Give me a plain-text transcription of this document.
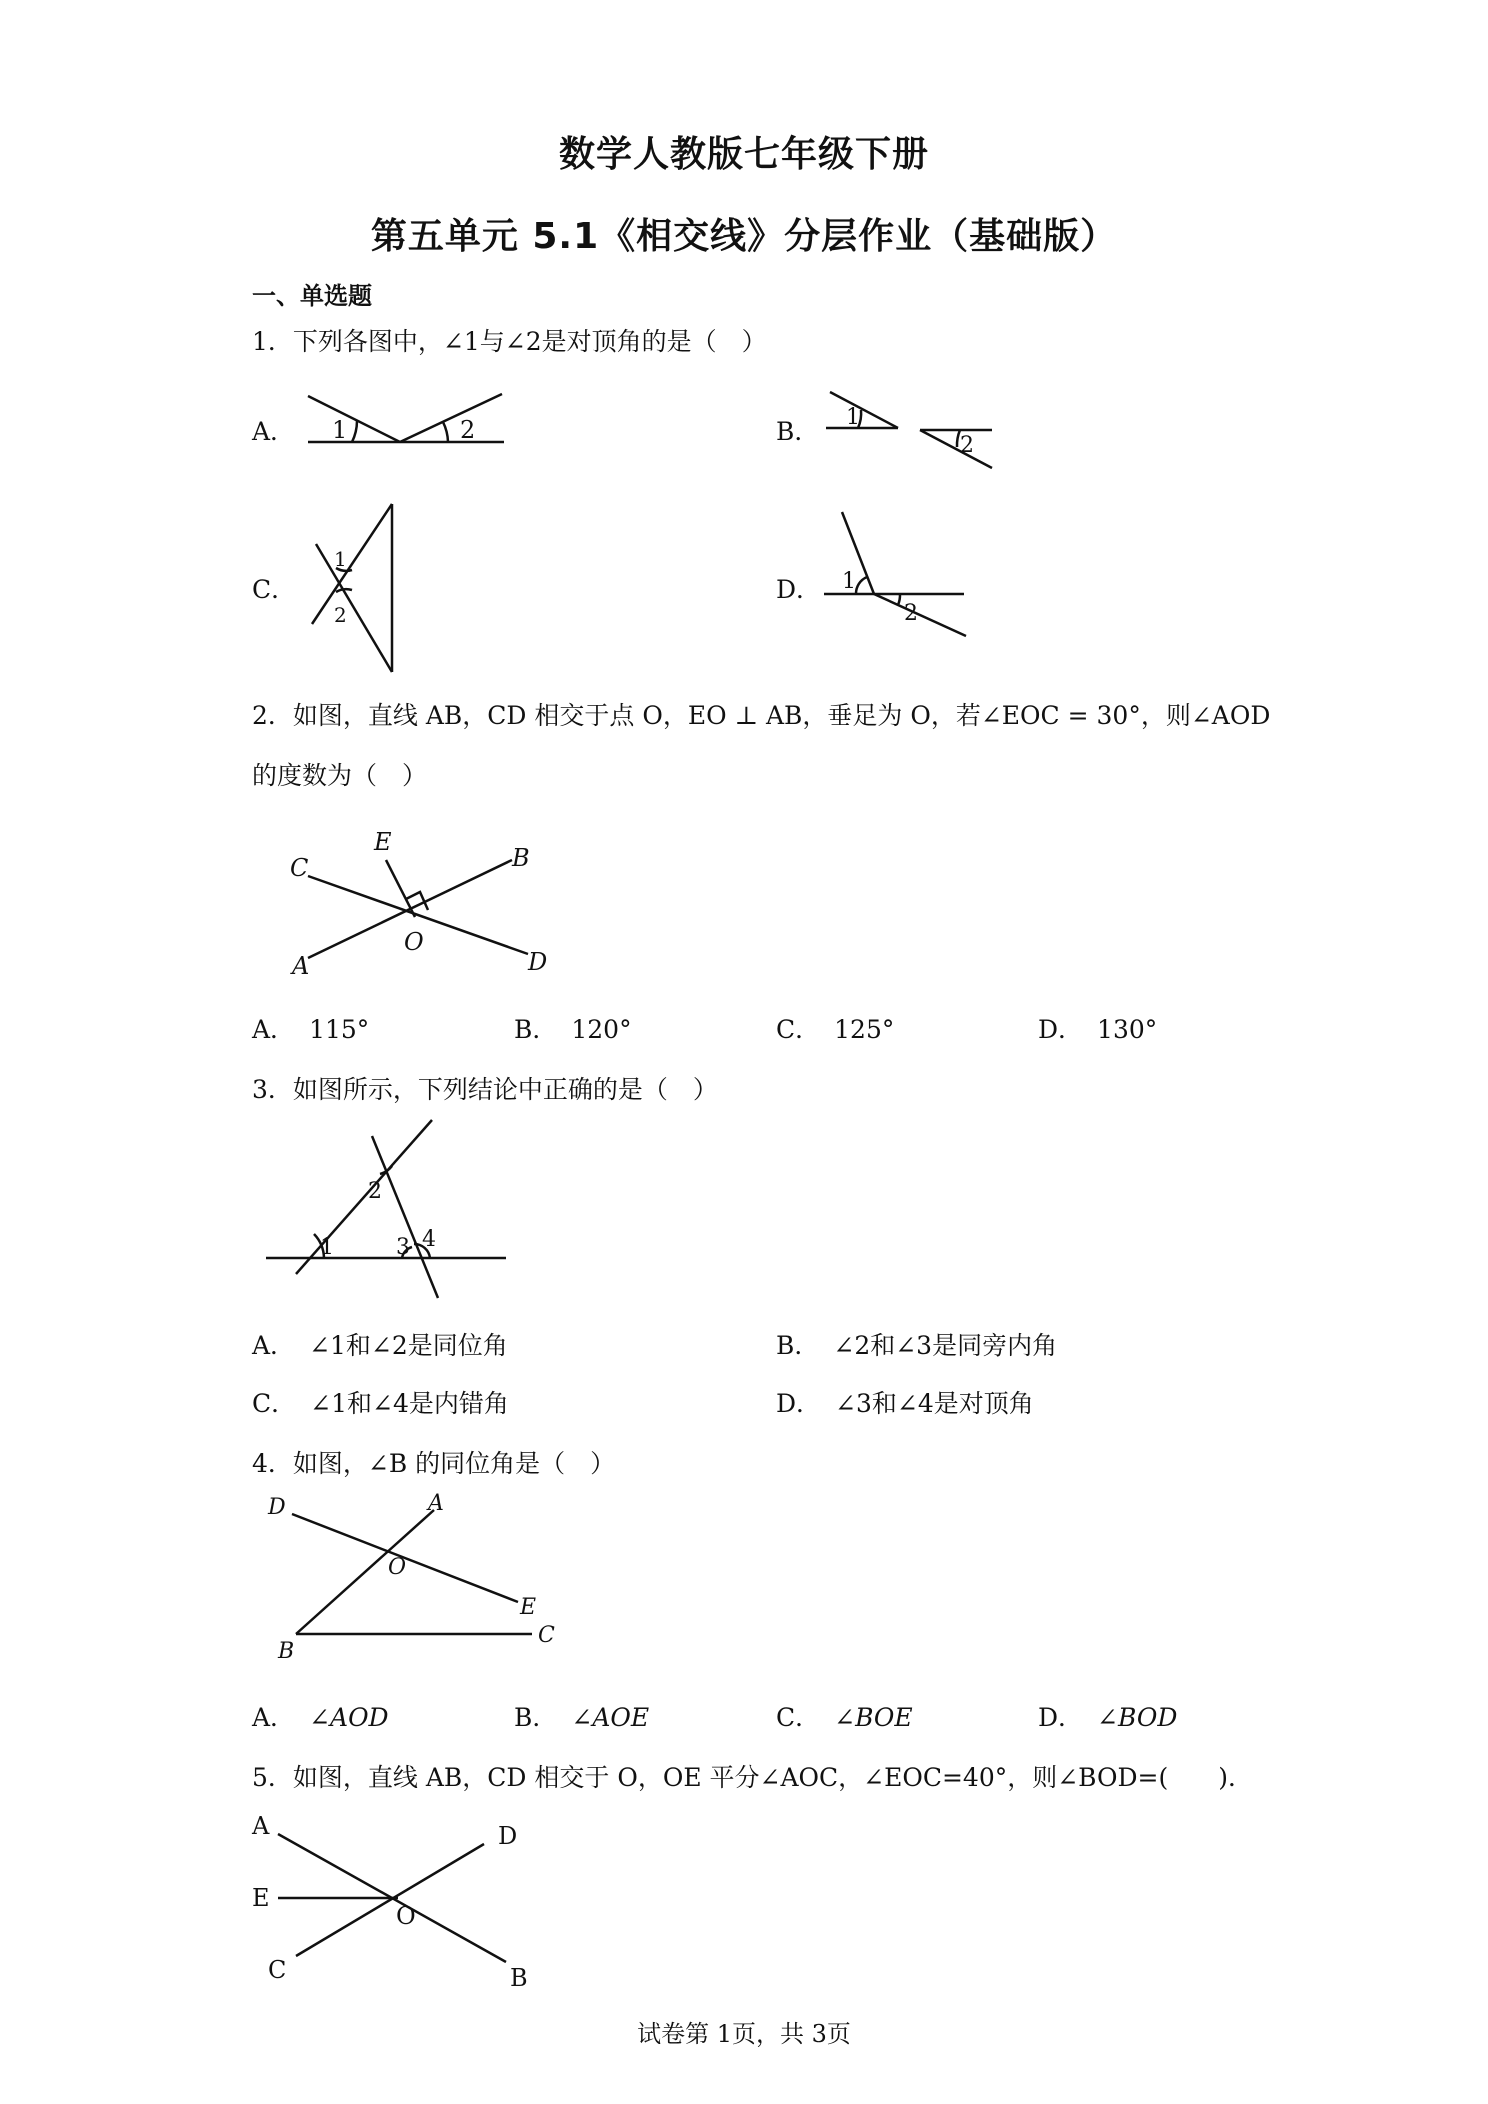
数学人教版七年级下册
第五单元 5.1《相交线》分层作业（基础版）
一、单选题
1．下列各图中，∠1与∠2是对顶角的是（　）
A． 1	2	B． 1
2
C．
1
2
D． 1
2
2．如图，直线 AB，CD 相交于点 O，EO ⊥ AB，垂足为 O，若∠EOC = 30°，则∠AOD
的度数为（　）
C
E
B
A
O
D
A． 115°	B． 120°	C． 125°	D． 130°
3．如图所示，下列结论中正确的是（　）
1
2
3 4
A． ∠1和∠2是同位角	B． ∠2和∠3是同旁内角
C． ∠1和∠4是内错角	D． ∠3和∠4是对顶角
4．如图，∠B 的同位角是（　）
D	A
O
E
B
C
A． ∠AOD	B． ∠AOE	C． ∠BOE	D． ∠BOD
5．如图，直线 AB，CD 相交于 O，OE 平分∠AOC，∠EOC=40°，则∠BOD=(　　)．
A
E
C
O
D
B
试卷第 1页，共 3页
